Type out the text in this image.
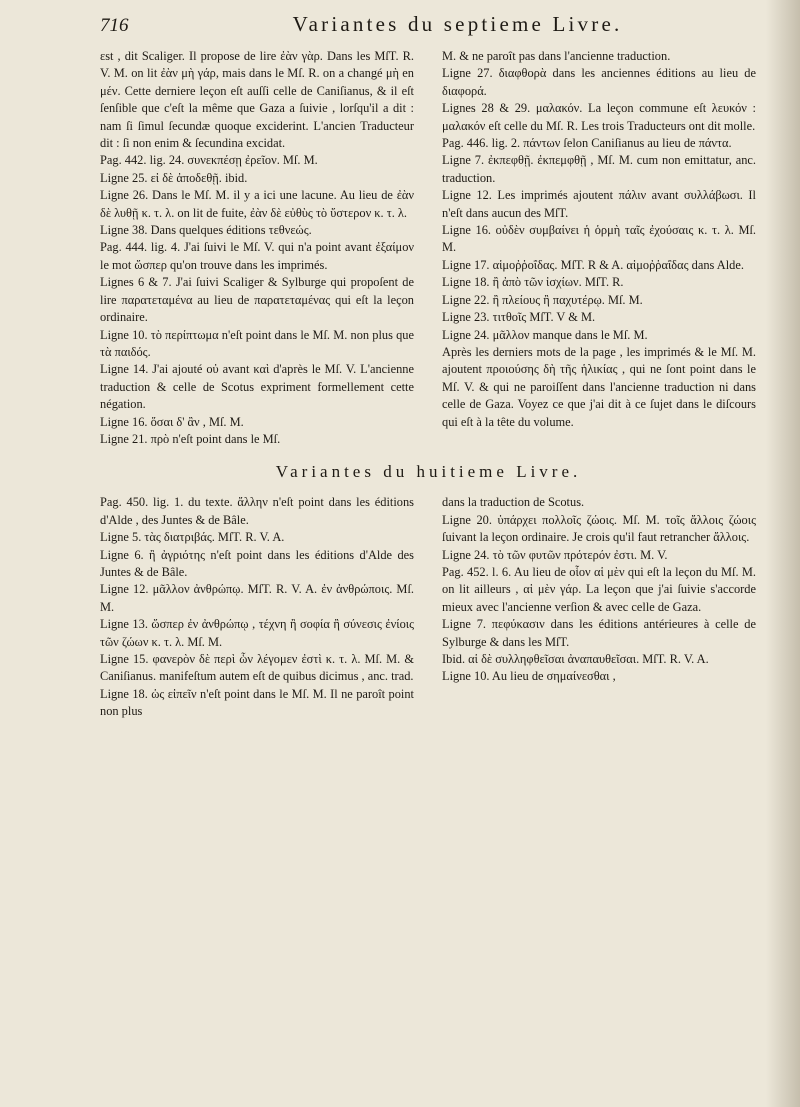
716	Variantes du septieme Livre.

εst , dit Scaliger. Il propose de lire ἐὰν γὰρ. Dans les MſT. R. V. M. on lit ἐὰν μὴ γάρ, mais dans le Mſ. R. on a changé μὴ en μέν. Cette derniere leçon eſt auſſi celle de Caniſianus, & il eſt ſenſible que c'eſt la même que Gaza a ſuivie , lorſqu'il a dit : nam ſi ſimul ſecundæ quoque exciderint. L'ancien Traducteur dit : ſi non enim & ſecundina excidat.

Pag. 442. lig. 24. συνεκπέσῃ ἐρεῖον. Mſ. M.

Ligne 25. εἰ δὲ ἀποδεθῇ. ibid.

Ligne 26. Dans le Mſ. M. il y a ici une lacune. Au lieu de ἐὰν δὲ λυθῇ κ. τ. λ. on lit de fuite, ἐὰν δὲ εὐθὺς τὸ ὕστερον κ. τ. λ.

Ligne 38. Dans quelques éditions τεθνεώς.

Pag. 444. lig. 4. J'ai ſuivi le Mſ. V. qui n'a point avant ἐξαίμον le mot ὥσπερ qu'on trouve dans les imprimés.

Lignes 6 & 7. J'ai ſuivi Scaliger & Sylburge qui propoſent de lire παρατεταμένα au lieu de παρατεταμένας qui eſt la leçon ordinaire.

Ligne 10. τὸ περίπτωμα n'eſt point dans le Mſ. M. non plus que τὰ παιδός.

Ligne 14. J'ai ajouté οὐ avant καὶ d'après le Mſ. V. L'ancienne traduction & celle de Scotus expriment formellement cette négation.

Ligne 16. ὅσαι δ' ἂν , Mſ. M.

Ligne 21. πρὸ n'eſt point dans le Mſ.

M. & ne paroît pas dans l'ancienne traduction.

Ligne 27. διαφθορὰ dans les anciennes éditions au lieu de διαφορά.

Lignes 28 & 29. μαλακόν. La leçon commune eſt λευκόν : μαλακόν eſt celle du Mſ. R. Les trois Traducteurs ont dit molle.

Pag. 446. lig. 2. πάντων ſelon Caniſianus au lieu de πάντα.

Ligne 7. ἐκπεφθῇ. ἐκπεμφθῇ , Mſ. M. cum non emittatur, anc. traduction.

Ligne 12. Les imprimés ajoutent πάλιν avant συλλάβωσι. Il n'eſt dans aucun des MſT.

Ligne 16. οὐδὲν συμβαίνει ἡ ὁρμὴ ταῖς ἐχούσαις κ. τ. λ. Mſ. M.

Ligne 17. αἱμοῤῥοΐδας. MſT. R & A. αἱμοῤῥαΐδας dans Alde.

Ligne 18. ἢ ἀπὸ τῶν ἰσχίων. MſT. R.

Ligne 22. ἢ πλείους ἢ παχυτέρῳ. Mſ. M.

Ligne 23. τιτθοῖς MſT. V & M.

Ligne 24. μᾶλλον manque dans le Mſ. M.

Après les derniers mots de la page , les imprimés & le Mſ. M. ajoutent προιούσης δὴ τῆς ἡλικίας , qui ne ſont point dans le Mſ. V. & qui ne paroiſſent dans l'ancienne traduction ni dans celle de Gaza. Voyez ce que j'ai dit à ce ſujet dans le diſcours qui eſt à la tête du volume.

Variantes du huitieme Livre.

Pag. 450. lig. 1. du texte. ἄλλην n'eſt point dans les éditions d'Alde , des Juntes & de Bâle.

Ligne 5. τὰς διατριβάς. MſT. R. V. A.

Ligne 6. ἢ ἀγριότης n'eſt point dans les éditions d'Alde des Juntes & de Bâle.

Ligne 12. μᾶλλον ἀνθρώπῳ. MſT. R. V. A. ἐν ἀνθρώποις. Mſ. M.

Ligne 13. ὥσπερ ἐν ἀνθρώπῳ , τέχνη ἢ σοφία ἢ σύνεσις ἐνίοις τῶν ζώων κ. τ. λ. Mſ. M.

Ligne 15. φανερὸν δὲ περὶ ὧν λέγομεν ἐστὶ κ. τ. λ. Mſ. M. & Caniſianus. manifeſtum autem eſt de quibus dicimus , anc. trad.

Ligne 18. ὡς εἰπεῖν n'eſt point dans le Mſ. M. Il ne paroît point non plus

dans la traduction de Scotus.

Ligne 20. ὑπάρχει πολλοῖς ζώοις. Mſ. M. τοῖς ἄλλοις ζώοις ſuivant la leçon ordinaire. Je crois qu'il faut retrancher ἄλλοις.

Ligne 24. τὸ τῶν φυτῶν πρότερόν ἐστι. M. V.

Pag. 452. l. 6. Au lieu de οἷον αἱ μὲν qui eſt la leçon du Mſ. M. on lit ailleurs , αἱ μὲν γάρ. La leçon que j'ai ſuivie s'accorde mieux avec l'ancienne verſion & avec celle de Gaza.

Ligne 7. πεφύκασιν dans les éditions antérieures à celle de Sylburge & dans les MſT.

Ibid. αἱ δὲ συλληφθεῖσαι ἀναπαυθεῖσαι. MſT. R. V. A.

Ligne 10. Au lieu de σημαίνεσθαι ,
